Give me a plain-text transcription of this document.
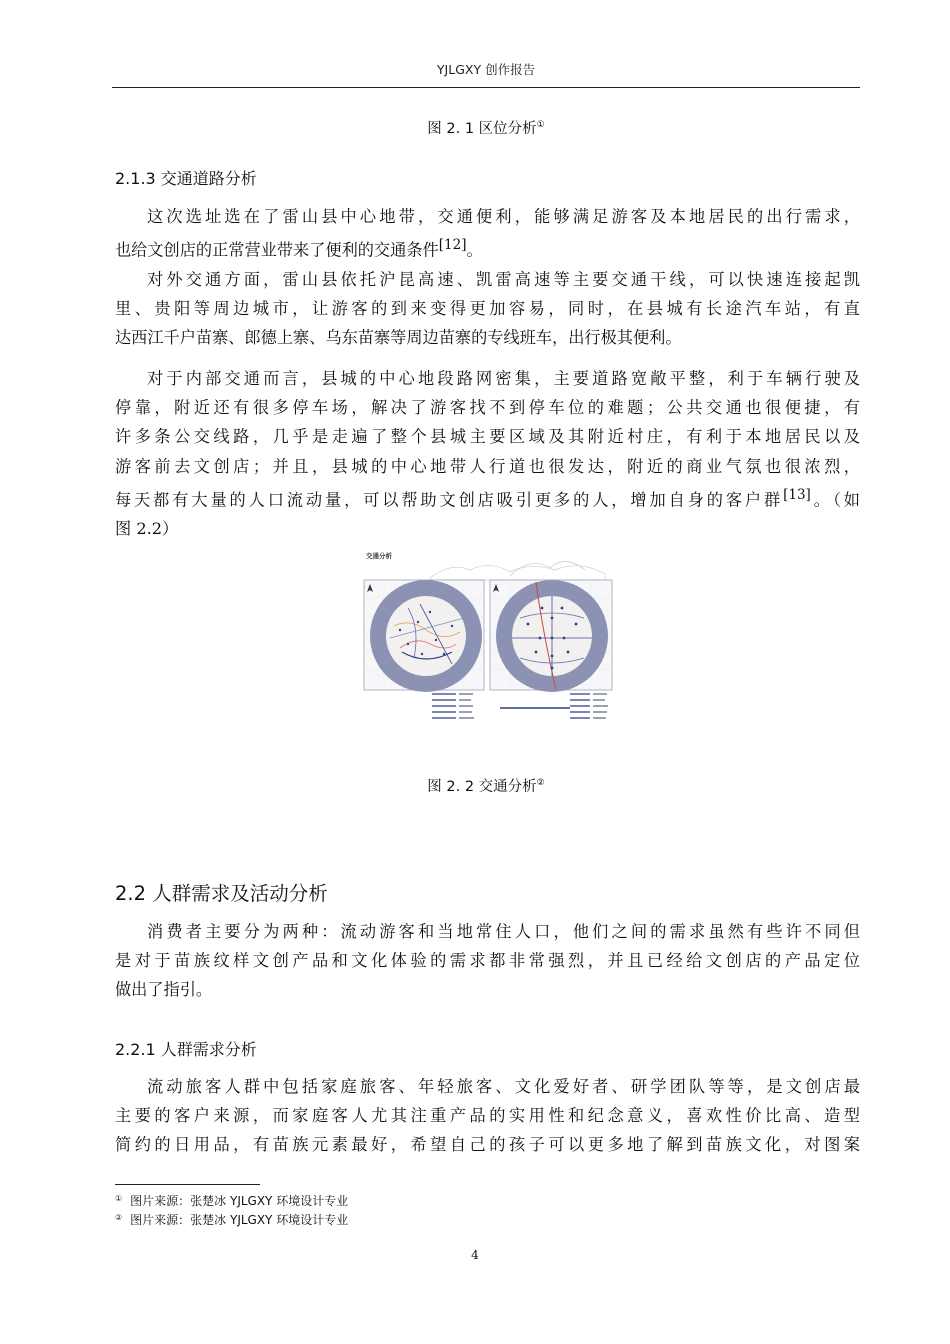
YJLGXY 创作报告
图 2. 1 区位分析①
2.1.3 交通道路分析
这次选址选在了雷山县中心地带，交通便利，能够满足游客及本地居民的出行需求，
也给文创店的正常营业带来了便利的交通条件[12]。
对外交通方面，雷山县依托沪昆高速、凯雷高速等主要交通干线，可以快速连接起凯
里、贵阳等周边城市，让游客的到来变得更加容易，同时，在县城有长途汽车站，有直
达西江千户苗寨、郎德上寨、乌东苗寨等周边苗寨的专线班车，出行极其便利。
对于内部交通而言，县城的中心地段路网密集，主要道路宽敞平整，利于车辆行驶及
停靠，附近还有很多停车场，解决了游客找不到停车位的难题；公共交通也很便捷，有
许多条公交线路，几乎是走遍了整个县城主要区域及其附近村庄，有利于本地居民以及
游客前去文创店；并且，县城的中心地带人行道也很发达，附近的商业气氛也很浓烈，
每天都有大量的人口流动量，可以帮助文创店吸引更多的人，增加自身的客户群[13]。（如
图 2.2）
交通分析
图 2. 2 交通分析②
2.2 人群需求及活动分析
消费者主要分为两种：流动游客和当地常住人口，他们之间的需求虽然有些许不同但
是对于苗族纹样文创产品和文化体验的需求都非常强烈，并且已经给文创店的产品定位
做出了指引。
2.2.1 人群需求分析
流动旅客人群中包括家庭旅客、年轻旅客、文化爱好者、研学团队等等，是文创店最
主要的客户来源，而家庭客人尤其注重产品的实用性和纪念意义，喜欢性价比高、造型
简约的日用品，有苗族元素最好，希望自己的孩子可以更多地了解到苗族文化，对图案
① 图片来源：张楚冰 YJLGXY 环境设计专业
② 图片来源：张楚冰 YJLGXY 环境设计专业
4
